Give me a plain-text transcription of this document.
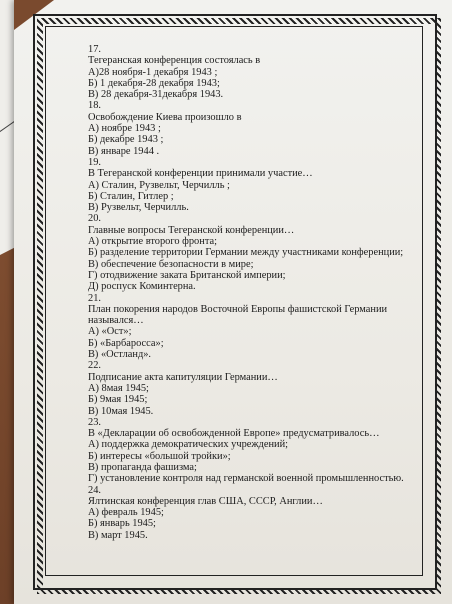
17.
Тегеранская конференция состоялась в
А)28 ноября-1 декабря 1943 ;
Б) 1 декабря-28 декабря 1943;
В) 28 декабря-31декабря 1943.
18.
Освобождение Киева произошло в
А) ноябре 1943 ;
Б) декабре 1943 ;
В) январе 1944 .
19.
В Тегеранской конференции принимали участие…
А) Сталин, Рузвельт, Черчилль ;
Б) Сталин, Гитлер ;
В) Рузвельт, Черчилль.
20.
Главные вопросы Тегеранской конференции…
А) открытие второго фронта;
Б) разделение территории Германии между участниками конференции;
В) обеспечение безопасности в мире;
Г) отодвижение заката Британской империи;
Д) роспуск Коминтерна.
21.
План покорения народов Восточной Европы фашистской Германии назывался…
А) «Ост»;
Б) «Барбаросса»;
В) «Остланд».
22.
Подписание акта капитуляции Германии…
А) 8мая 1945;
Б) 9мая 1945;
В) 10мая 1945.
23.
В «Декларации об освобожденной Европе» предусматривалось…
А) поддержка демократических учреждений;
Б) интересы «большой тройки»;
В) пропаганда фашизма;
Г) установление контроля над германской военной промышленностью.
24.
Ялтинская конференция глав США, СССР, Англии…
А) февраль 1945;
Б) январь 1945;
В) март 1945.
